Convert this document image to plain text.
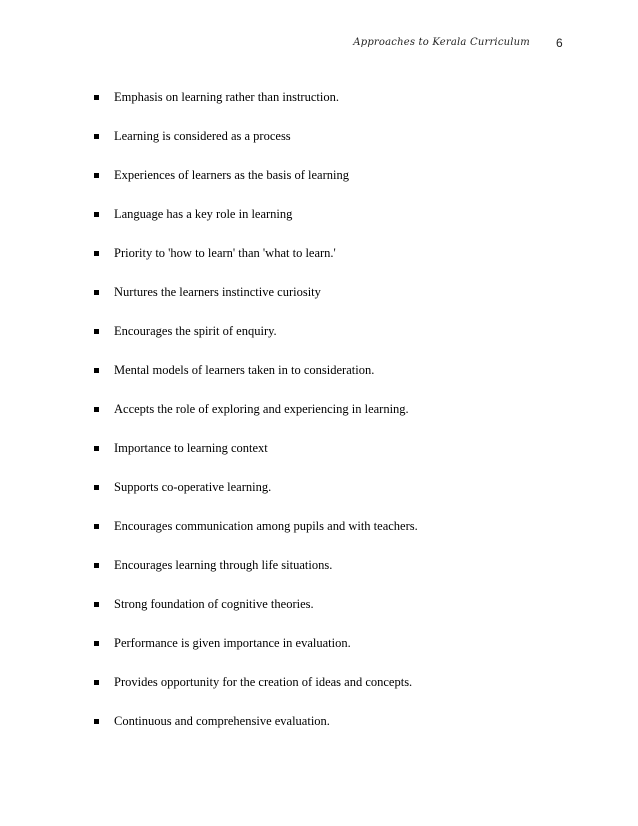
Approaches to Kerala Curriculum 6
Emphasis on learning rather than instruction.
Learning is considered as a process
Experiences of learners as the basis of learning
Language has a key role in learning
Priority to 'how to learn' than 'what to learn.'
Nurtures the learners instinctive curiosity
Encourages the spirit of enquiry.
Mental models of learners taken in to consideration.
Accepts the role of exploring and experiencing in learning.
Importance to learning context
Supports co-operative learning.
Encourages communication among pupils and with teachers.
Encourages learning through life situations.
Strong foundation of cognitive theories.
Performance is given importance in evaluation.
Provides opportunity for the creation of ideas and concepts.
Continuous and comprehensive evaluation.
